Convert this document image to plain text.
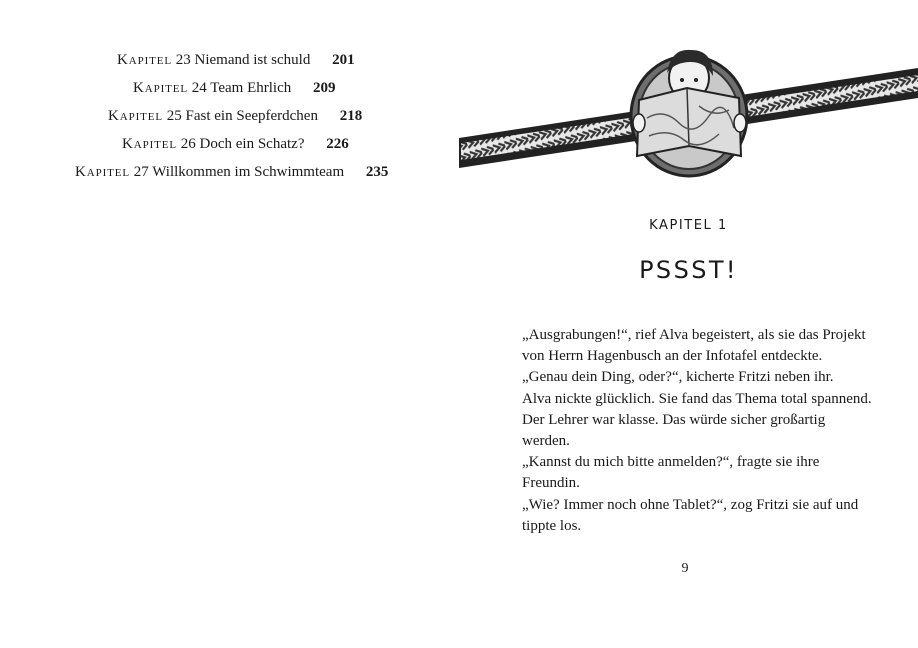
Kapitel 23 Niemand ist schuld 201
Kapitel 24 Team Ehrlich 209
Kapitel 25 Fast ein Seepferdchen 218
Kapitel 26 Doch ein Schatz? 226
Kapitel 27 Willkommen im Schwimmteam 235
KAPITEL 1
PSSST!

„Ausgrabungen!“, rief Alva begeistert, als sie das Projekt

von Herrn Hagenbusch an der Infotafel entdeckte.

„Genau dein Ding, oder?“, kicherte Fritzi neben ihr.

Alva nickte glücklich. Sie fand das Thema total spannend.

Der Lehrer war klasse. Das würde sicher großartig

werden.

„Kannst du mich bitte anmelden?“, fragte sie ihre

Freundin.

„Wie? Immer noch ohne Tablet?“, zog Fritzi sie auf und

tippte los.

9
